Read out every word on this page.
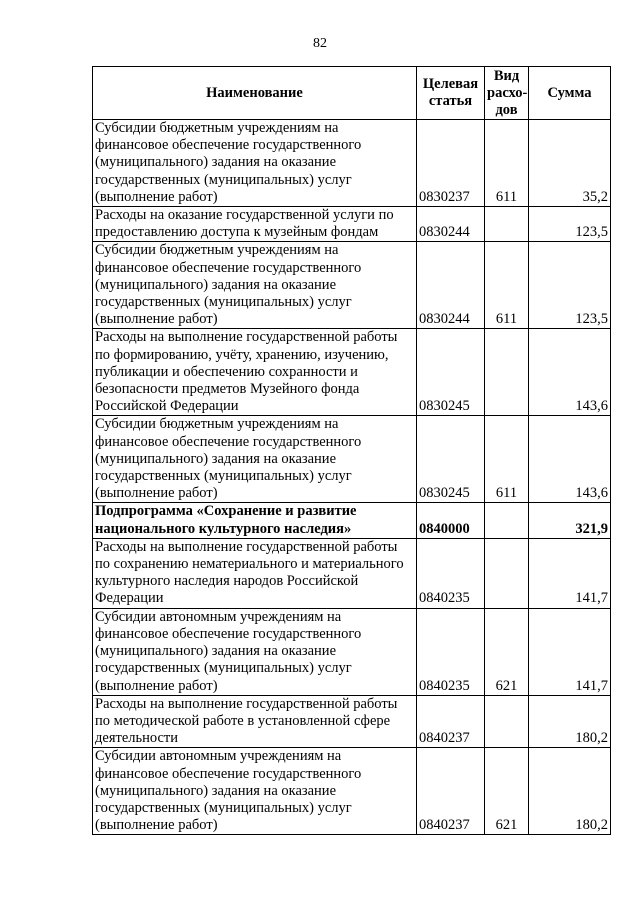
82
Наименование	Целевая статья	Вид расхо-дов	Сумма
Субсидии бюджетным учреждениям на финансовое обеспечение государственного (муниципального) задания на оказание государственных (муниципальных) услуг (выполнение работ)	0830237	611	35,2
Расходы на оказание государственной услуги по предоставлению доступа к музейным фондам	0830244		123,5
Субсидии бюджетным учреждениям на финансовое обеспечение государственного (муниципального) задания на оказание государственных (муниципальных) услуг (выполнение работ)	0830244	611	123,5
Расходы на выполнение государственной работы по формированию, учёту, хранению, изучению, публикации и обеспечению сохранности и безопасности предметов Музейного фонда Российской Федерации	0830245		143,6
Субсидии бюджетным учреждениям на финансовое обеспечение государственного (муниципального) задания на оказание государственных (муниципальных) услуг (выполнение работ)	0830245	611	143,6
Подпрограмма «Сохранение и развитие национального культурного наследия»	0840000		321,9
Расходы на выполнение государственной работы по сохранению нематериального и материального культурного наследия народов Российской Федерации	0840235		141,7
Субсидии автономным учреждениям на финансовое обеспечение государственного (муниципального) задания на оказание государственных (муниципальных) услуг (выполнение работ)	0840235	621	141,7
Расходы на выполнение государственной работы по методической работе в установленной сфере деятельности	0840237		180,2
Субсидии автономным учреждениям на финансовое обеспечение государственного (муниципального) задания на оказание государственных (муниципальных) услуг (выполнение работ)	0840237	621	180,2
